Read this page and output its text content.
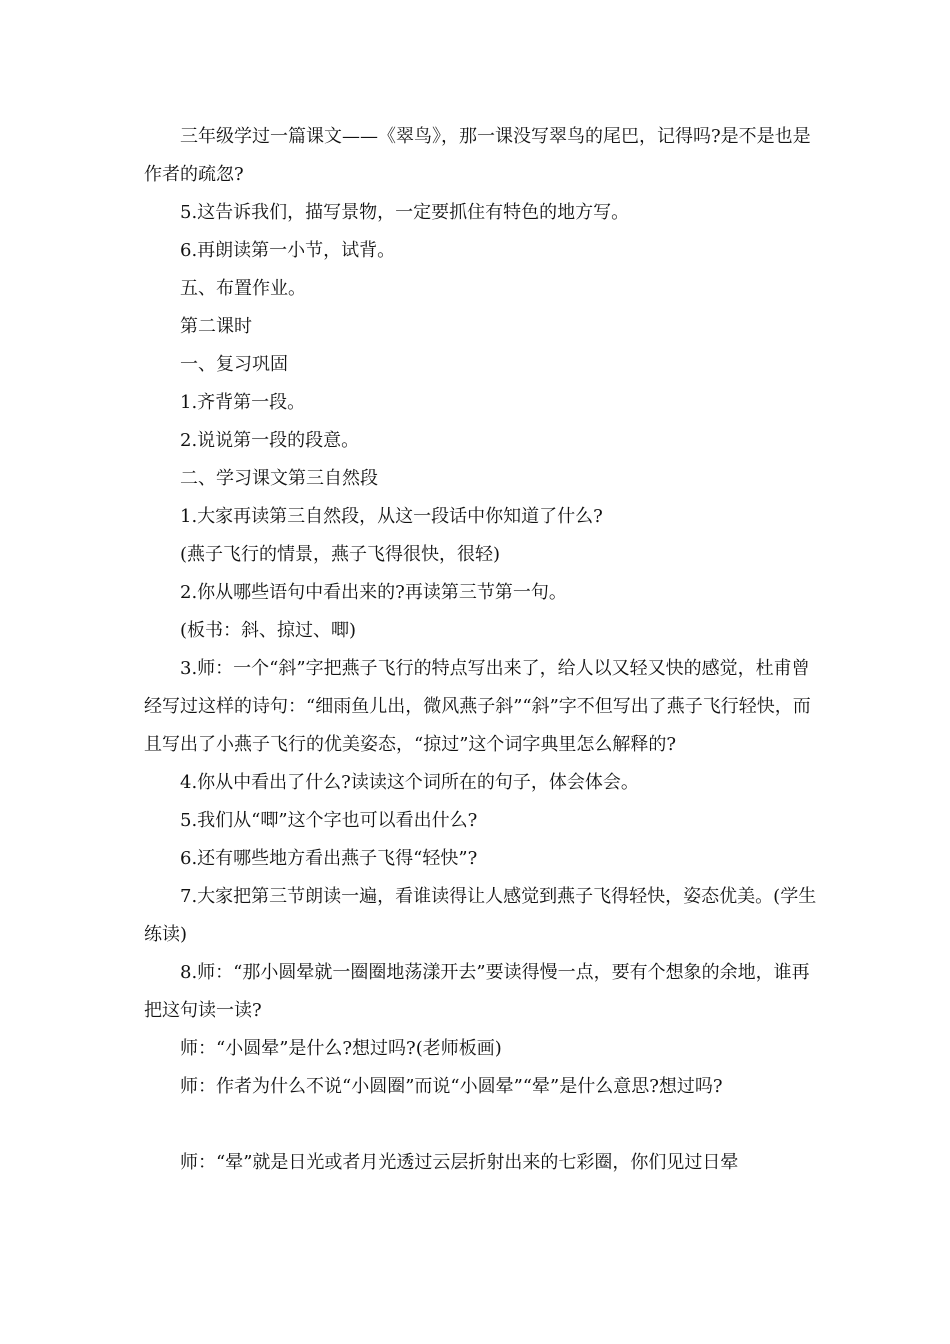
三年级学过一篇课文——《翠鸟》，那一课没写翠鸟的尾巴，记得吗?是不是也是作者的疏忽?

5.这告诉我们，描写景物，一定要抓住有特色的地方写。

6.再朗读第一小节，试背。

五、布置作业。

第二课时

一、复习巩固

1.齐背第一段。

2.说说第一段的段意。

二、学习课文第三自然段

1.大家再读第三自然段，从这一段话中你知道了什么?

(燕子飞行的情景，燕子飞得很快，很轻)

2.你从哪些语句中看出来的?再读第三节第一句。

(板书：斜、掠过、唧)

3.师：一个“斜”字把燕子飞行的特点写出来了，给人以又轻又快的感觉，杜甫曾经写过这样的诗句：“细雨鱼儿出，微风燕子斜”“斜”字不但写出了燕子飞行轻快，而且写出了小燕子飞行的优美姿态，“掠过”这个词字典里怎么解释的?

4.你从中看出了什么?读读这个词所在的句子，体会体会。

5.我们从“唧”这个字也可以看出什么?

6.还有哪些地方看出燕子飞得“轻快”?

7.大家把第三节朗读一遍，看谁读得让人感觉到燕子飞得轻快，姿态优美。(学生练读)

8.师：“那小圆晕就一圈圈地荡漾开去”要读得慢一点，要有个想象的余地，谁再把这句读一读?

师：“小圆晕”是什么?想过吗?(老师板画)

师：作者为什么不说“小圆圈”而说“小圆晕”“晕”是什么意思?想过吗?

师：“晕”就是日光或者月光透过云层折射出来的七彩圈，你们见过日晕
